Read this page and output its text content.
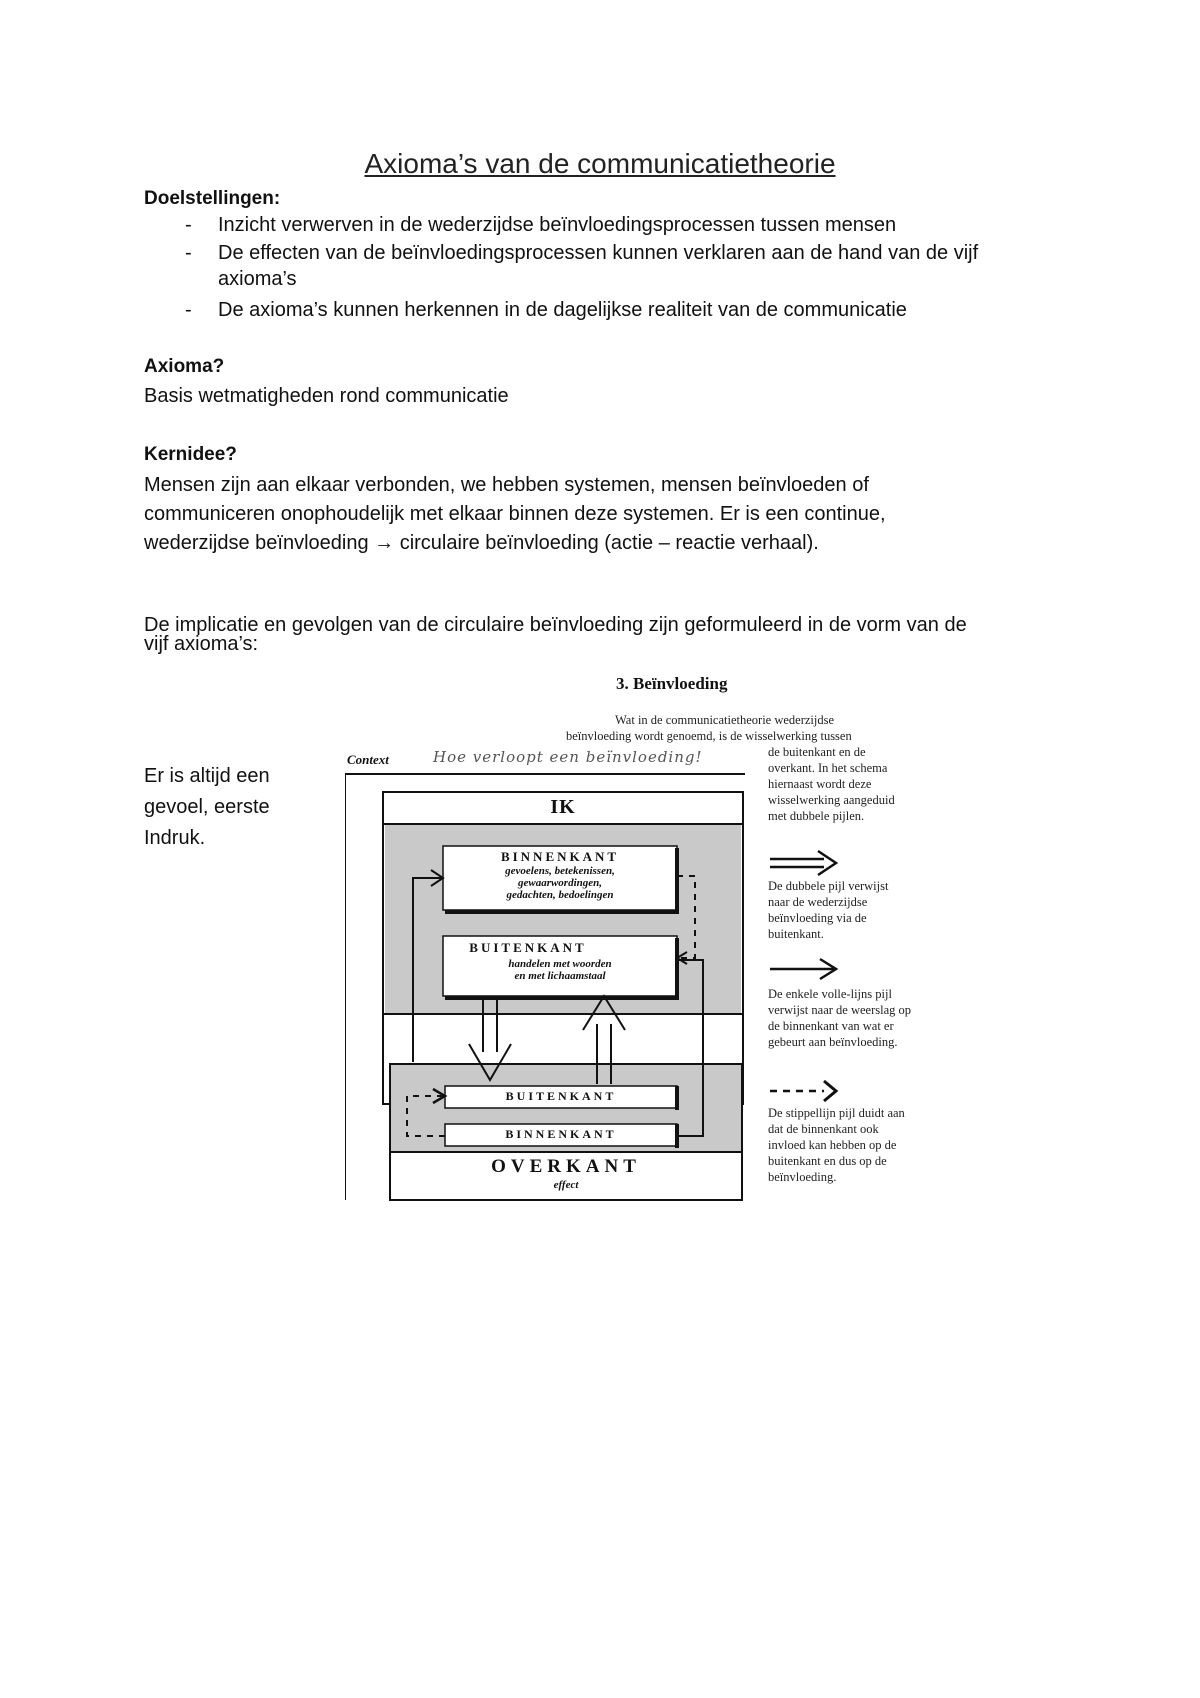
Axioma’s van de communicatietheorie
Doelstellingen:
- Inzicht verwerven in de wederzijdse beïnvloedingsprocessen tussen mensen
- De effecten van de beïnvloedingsprocessen kunnen verklaren aan de hand van de vijf
axioma’s
- De axioma’s kunnen herkennen in de dagelijkse realiteit van de communicatie
Axioma?
Basis wetmatigheden rond communicatie
Kernidee?
Mensen zijn aan elkaar verbonden, we hebben systemen, mensen beïnvloeden of
communiceren onophoudelijk met elkaar binnen deze systemen. Er is een continue,
wederzijdse beïnvloeding → circulaire beïnvloeding (actie – reactie verhaal).
De implicatie en gevolgen van de circulaire beïnvloeding zijn geformuleerd in de vorm van de
vijf axioma’s:
Er is altijd een
gevoel, eerste
Indruk.
3. Beïnvloeding
Wat in de communicatietheorie wederzijdse
beïnvloeding wordt genoemd, is de wisselwerking tussen
de buitenkant en de
overkant. In het schema
hiernaast wordt deze
wisselwerking aangeduid
met dubbele pijlen.
De dubbele pijl verwijst
naar de wederzijdse
beïnvloeding via de
buitenkant.
De enkele volle-lijns pijl
verwijst naar de weerslag op
de binnenkant van wat er
gebeurt aan beïnvloeding.
De stippellijn pijl duidt aan
dat de binnenkant ook
invloed kan hebben op de
buitenkant en dus op de
beïnvloeding.
Context	Hoe verloopt een beïnvloeding!
IK
BINNENKANT
gevoelens, betekenissen,
gewaarwordingen,
gedachten, bedoelingen
BUITENKANT
handelen met woorden
en met lichaamstaal
BUITENKANT
BINNENKANT
OVERKANT
effect
